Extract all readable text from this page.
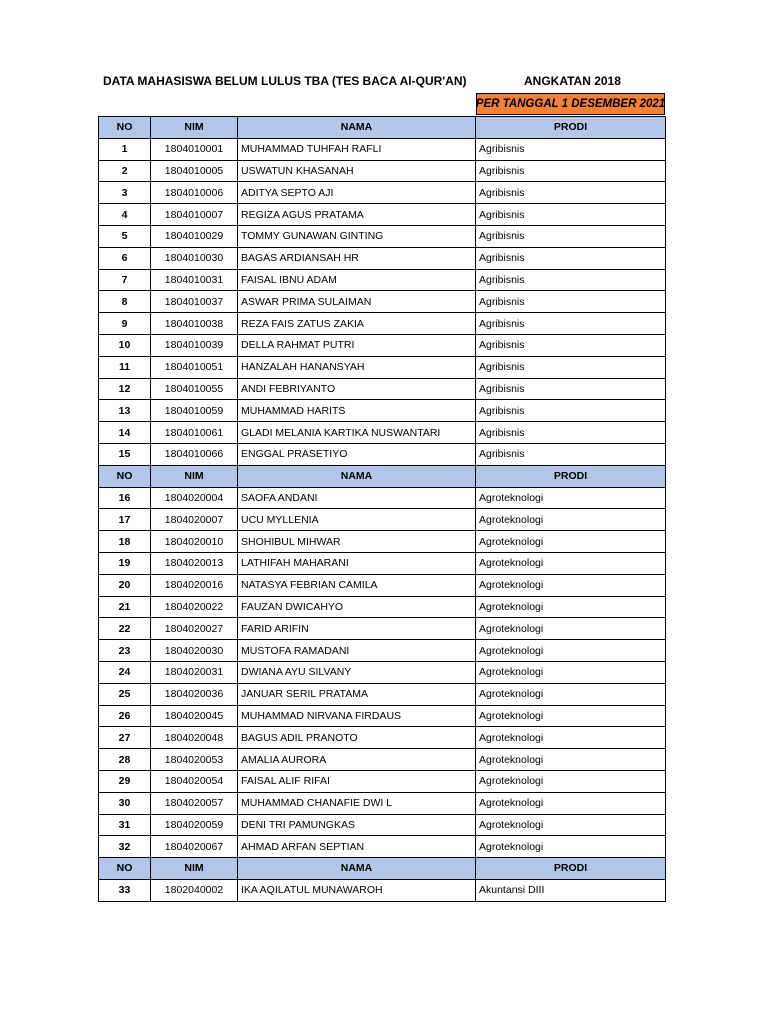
DATA MAHASISWA BELUM LULUS TBA (TES BACA Al-QUR'AN)	ANGKATAN 2018
PER TANGGAL 1 DESEMBER 2021
NO	NIM	NAMA	PRODI
1	1804010001	MUHAMMAD TUHFAH RAFLI	Agribisnis
2	1804010005	USWATUN KHASANAH	Agribisnis
3	1804010006	ADITYA SEPTO AJI	Agribisnis
4	1804010007	REGIZA AGUS PRATAMA	Agribisnis
5	1804010029	TOMMY GUNAWAN GINTING	Agribisnis
6	1804010030	BAGAS ARDIANSAH HR	Agribisnis
7	1804010031	FAISAL IBNU ADAM	Agribisnis
8	1804010037	ASWAR PRIMA SULAIMAN	Agribisnis
9	1804010038	REZA FAIS ZATUS ZAKIA	Agribisnis
10	1804010039	DELLA RAHMAT PUTRI	Agribisnis
11	1804010051	HANZALAH HANANSYAH	Agribisnis
12	1804010055	ANDI FEBRIYANTO	Agribisnis
13	1804010059	MUHAMMAD HARITS	Agribisnis
14	1804010061	GLADI MELANIA KARTIKA NUSWANTARI	Agribisnis
15	1804010066	ENGGAL PRASETIYO	Agribisnis
NO	NIM	NAMA	PRODI
16	1804020004	SAOFA ANDANI	Agroteknologi
17	1804020007	UCU MYLLENIA	Agroteknologi
18	1804020010	SHOHIBUL MIHWAR	Agroteknologi
19	1804020013	LATHIFAH MAHARANI	Agroteknologi
20	1804020016	NATASYA FEBRIAN CAMILA	Agroteknologi
21	1804020022	FAUZAN DWICAHYO	Agroteknologi
22	1804020027	FARID ARIFIN	Agroteknologi
23	1804020030	MUSTOFA RAMADANI	Agroteknologi
24	1804020031	DWIANA AYU SILVANY	Agroteknologi
25	1804020036	JANUAR SERIL PRATAMA	Agroteknologi
26	1804020045	MUHAMMAD NIRVANA FIRDAUS	Agroteknologi
27	1804020048	BAGUS ADIL PRANOTO	Agroteknologi
28	1804020053	AMALIA AURORA	Agroteknologi
29	1804020054	FAISAL ALIF RIFAI	Agroteknologi
30	1804020057	MUHAMMAD CHANAFIE DWI L	Agroteknologi
31	1804020059	DENI TRI PAMUNGKAS	Agroteknologi
32	1804020067	AHMAD ARFAN SEPTIAN	Agroteknologi
NO	NIM	NAMA	PRODI
33	1802040002	IKA AQILATUL MUNAWAROH	Akuntansi DIII
